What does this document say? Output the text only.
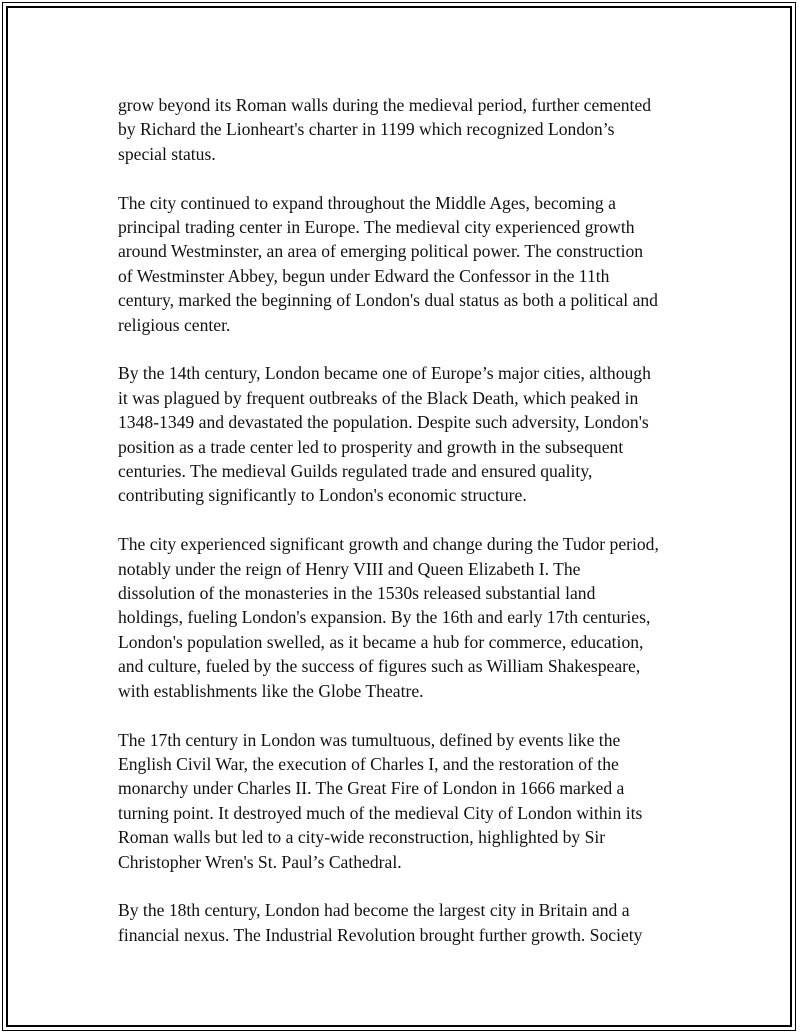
grow beyond its Roman walls during the medieval period, further cemented
by Richard the Lionheart's charter in 1199 which recognized London’s
special status.

The city continued to expand throughout the Middle Ages, becoming a
principal trading center in Europe. The medieval city experienced growth
around Westminster, an area of emerging political power. The construction
of Westminster Abbey, begun under Edward the Confessor in the 11th
century, marked the beginning of London's dual status as both a political and
religious center.

By the 14th century, London became one of Europe’s major cities, although
it was plagued by frequent outbreaks of the Black Death, which peaked in
1348-1349 and devastated the population. Despite such adversity, London's
position as a trade center led to prosperity and growth in the subsequent
centuries. The medieval Guilds regulated trade and ensured quality,
contributing significantly to London's economic structure.

The city experienced significant growth and change during the Tudor period,
notably under the reign of Henry VIII and Queen Elizabeth I. The
dissolution of the monasteries in the 1530s released substantial land
holdings, fueling London's expansion. By the 16th and early 17th centuries,
London's population swelled, as it became a hub for commerce, education,
and culture, fueled by the success of figures such as William Shakespeare,
with establishments like the Globe Theatre.

The 17th century in London was tumultuous, defined by events like the
English Civil War, the execution of Charles I, and the restoration of the
monarchy under Charles II. The Great Fire of London in 1666 marked a
turning point. It destroyed much of the medieval City of London within its
Roman walls but led to a city-wide reconstruction, highlighted by Sir
Christopher Wren's St. Paul’s Cathedral.

By the 18th century, London had become the largest city in Britain and a
financial nexus. The Industrial Revolution brought further growth. Society
